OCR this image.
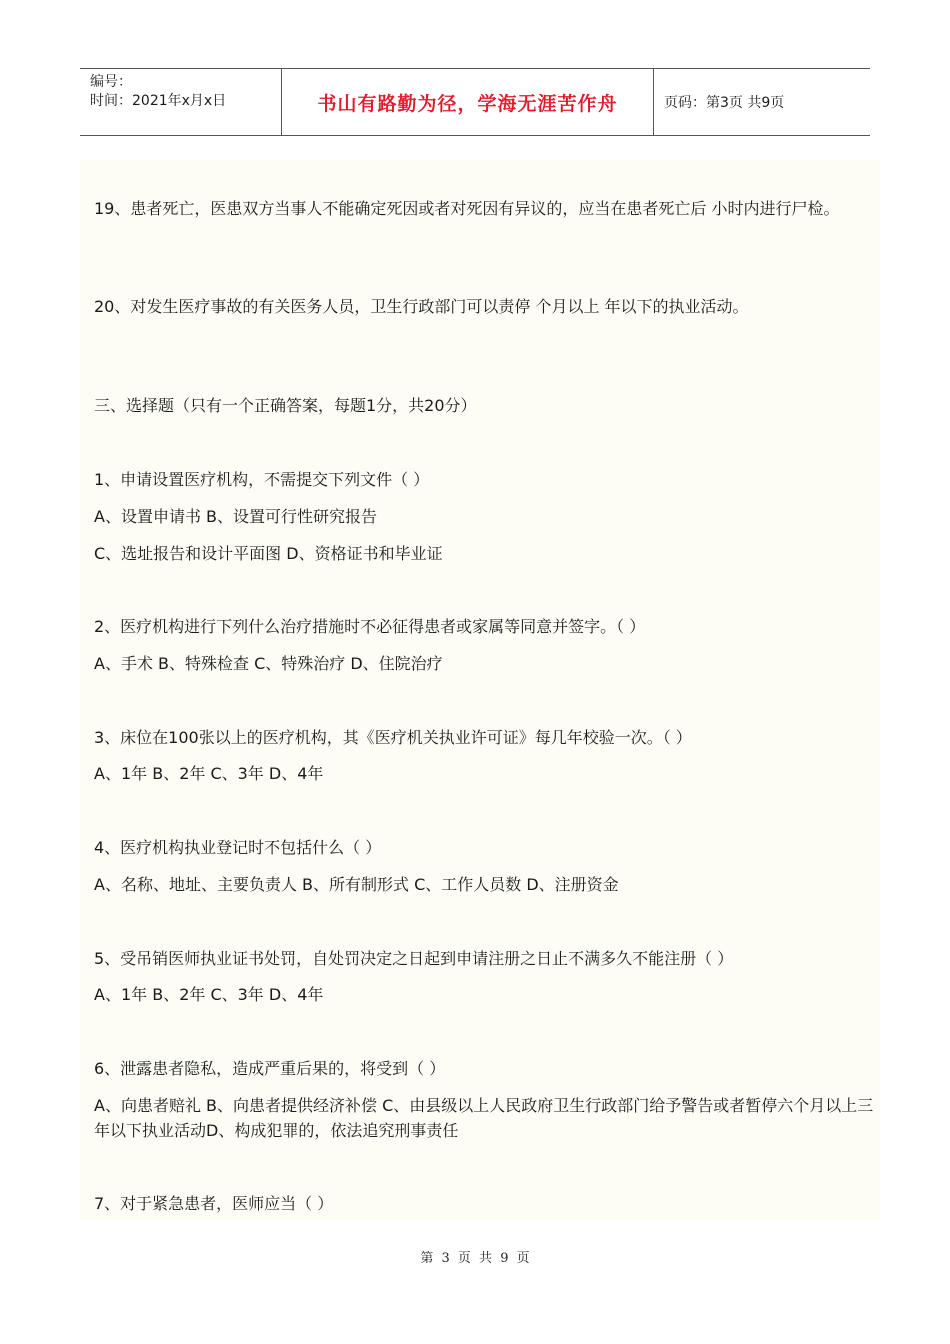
编号：
时间：2021年x月x日	书山有路勤为径，学海无涯苦作舟	页码：第3页 共9页

19、患者死亡，医患双方当事人不能确定死因或者对死因有异议的，应当在患者死亡后 小时内进行尸检。

20、对发生医疗事故的有关医务人员，卫生行政部门可以责停 个月以上 年以下的执业活动。

三、选择题（只有一个正确答案，每题1分，共20分）

1、申请设置医疗机构，不需提交下列文件（ ）

A、设置申请书 B、设置可行性研究报告

C、选址报告和设计平面图 D、资格证书和毕业证

2、医疗机构进行下列什么治疗措施时不必征得患者或家属等同意并签字。（ ）

A、手术 B、特殊检查 C、特殊治疗 D、住院治疗

3、床位在100张以上的医疗机构，其《医疗机关执业许可证》每几年校验一次。（ ）

A、1年 B、2年 C、3年 D、4年

4、医疗机构执业登记时不包括什么（ ）

A、名称、地址、主要负责人 B、所有制形式 C、工作人员数 D、注册资金

5、受吊销医师执业证书处罚，自处罚决定之日起到申请注册之日止不满多久不能注册（ ）

A、1年 B、2年 C、3年 D、4年

6、泄露患者隐私，造成严重后果的，将受到（ ）

A、向患者赔礼 B、向患者提供经济补偿 C、由县级以上人民政府卫生行政部门给予警告或者暂停六个月以上三年以下执业活动D、构成犯罪的，依法追究刑事责任

7、对于紧急患者，医师应当（ ）

第 3 页 共 9 页
